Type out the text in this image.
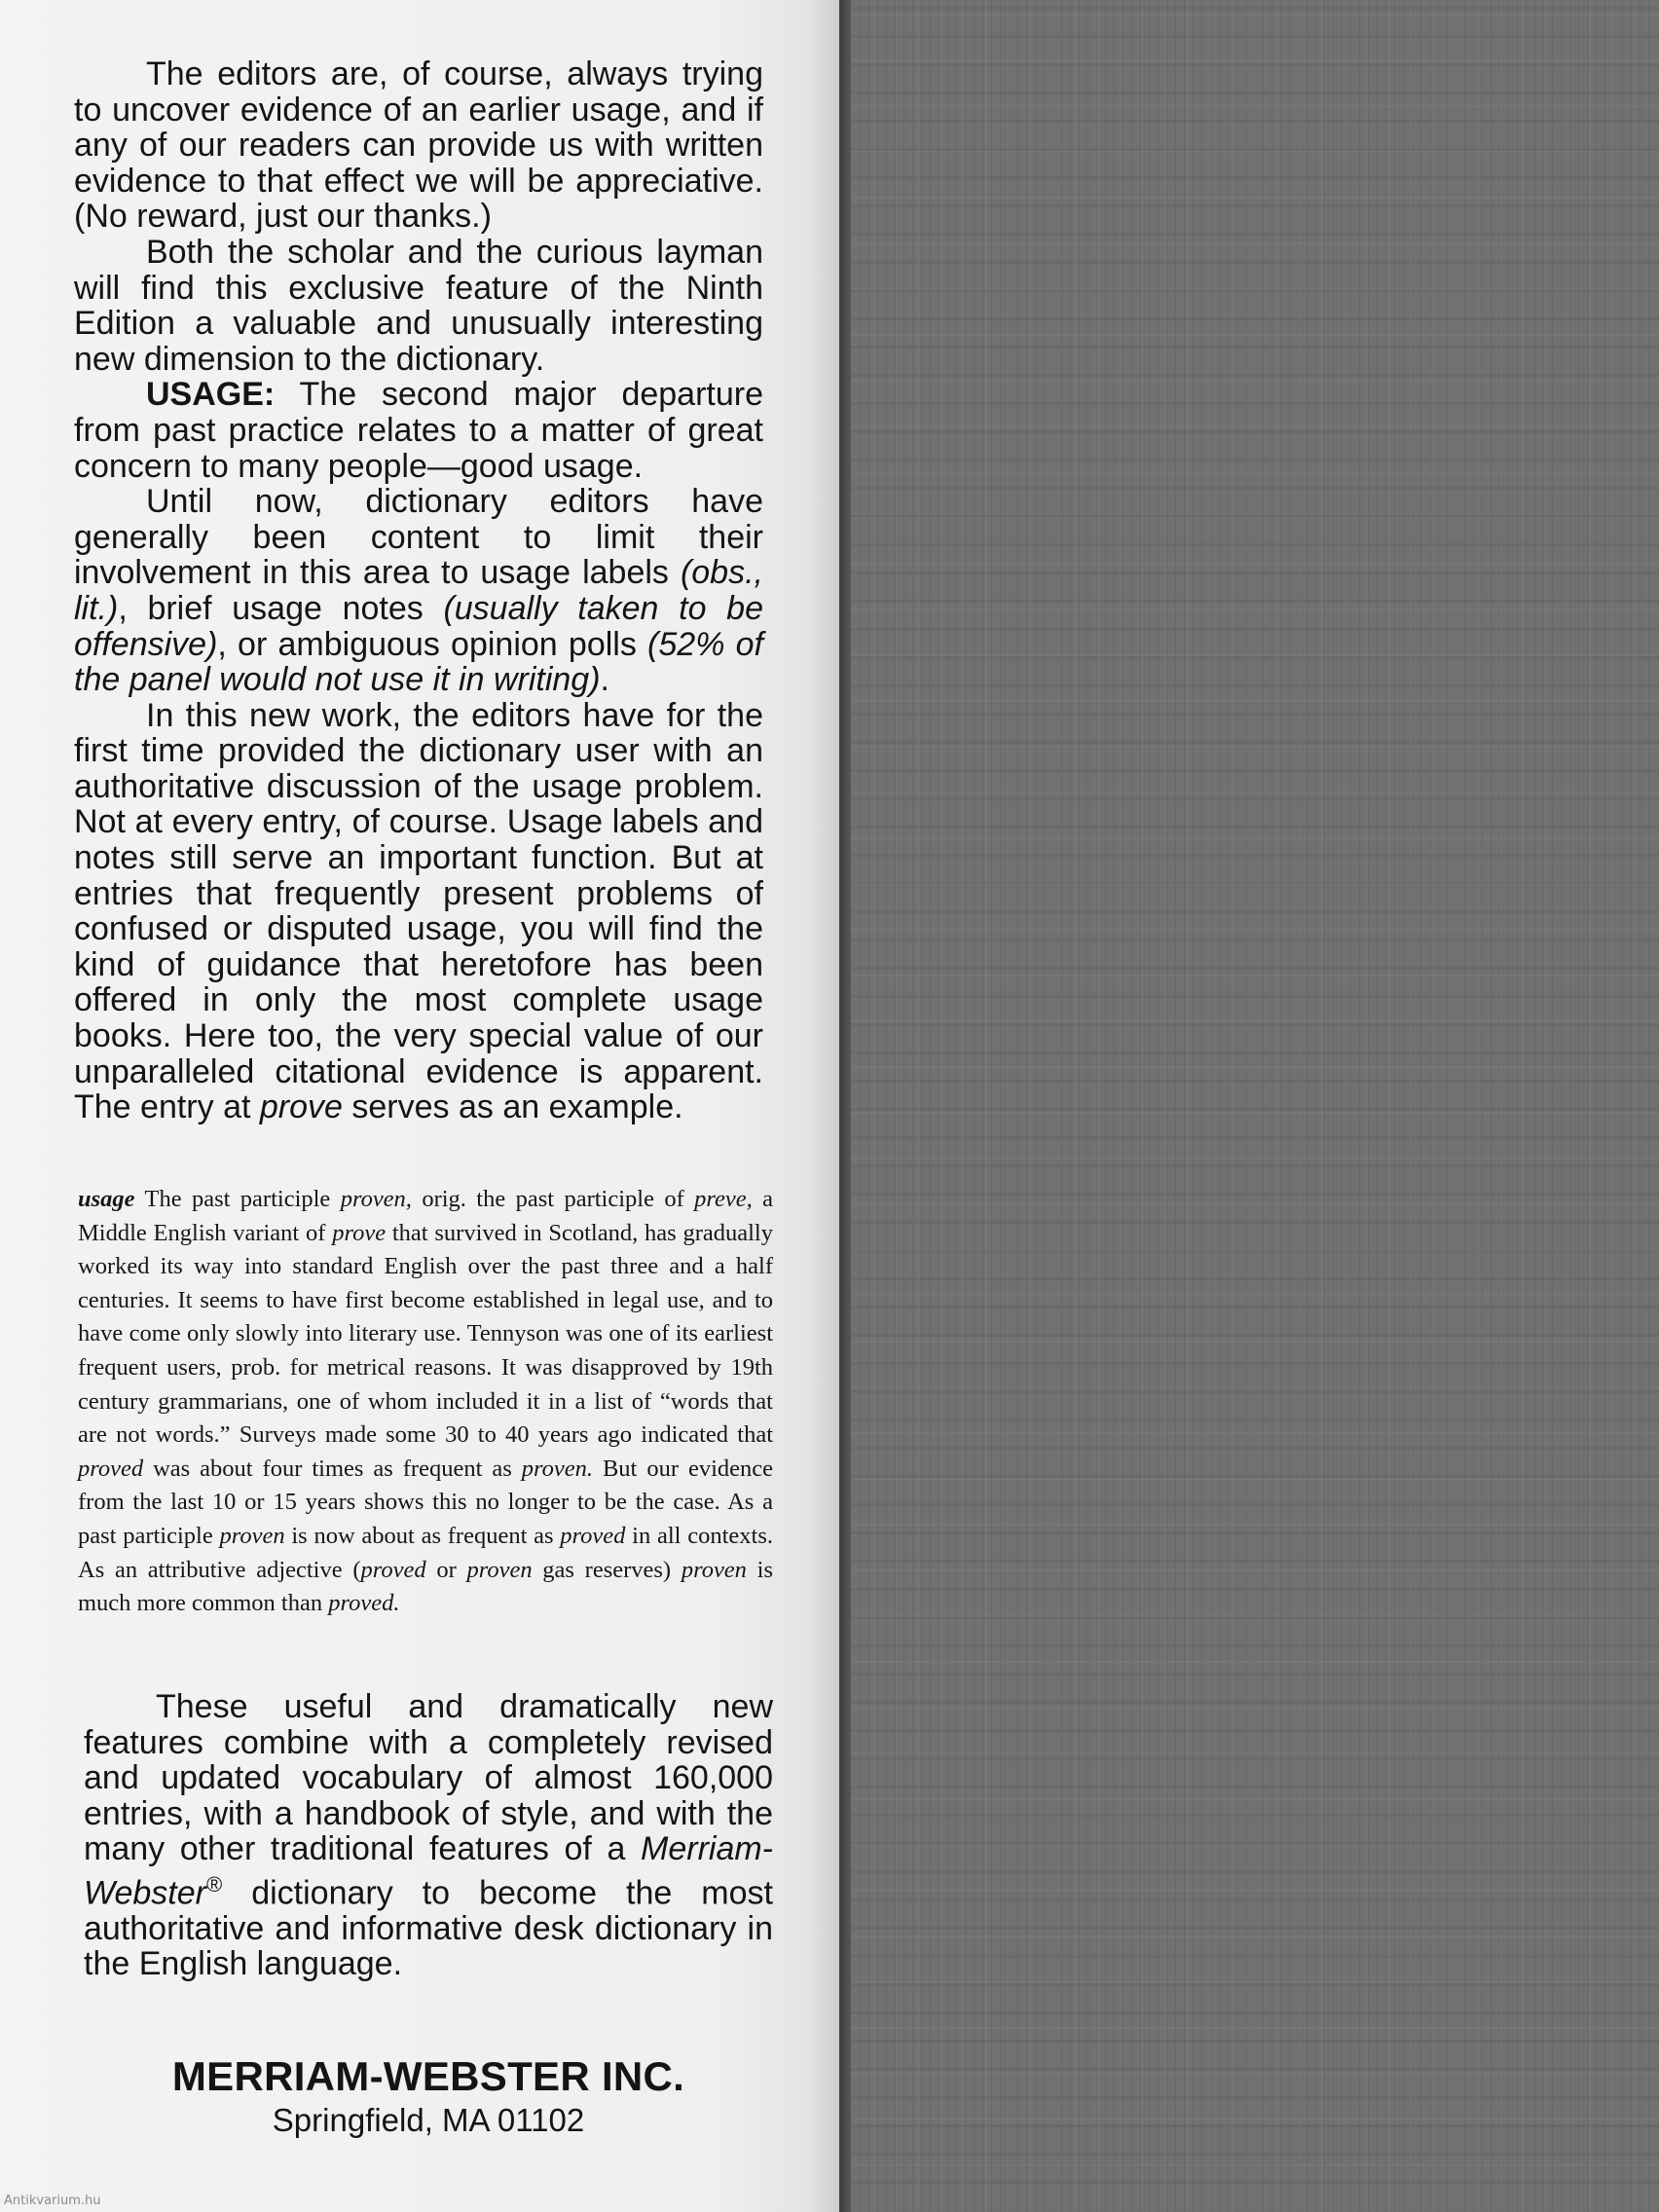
The editors are, of course, always trying to uncover evidence of an earlier usage, and if any of our readers can provide us with written evidence to that effect we will be appreciative. (No reward, just our thanks.)

Both the scholar and the curious layman will find this exclusive feature of the Ninth Edition a valuable and unusually interesting new dimension to the dictionary.

USAGE: The second major departure from past practice relates to a matter of great concern to many people—good usage.

Until now, dictionary editors have generally been content to limit their involvement in this area to usage labels (obs., lit.), brief usage notes (usually taken to be offensive), or ambiguous opinion polls (52% of the panel would not use it in writing).

In this new work, the editors have for the first time provided the dictionary user with an authoritative discussion of the usage problem. Not at every entry, of course. Usage labels and notes still serve an important function. But at entries that frequently present problems of confused or disputed usage, you will find the kind of guidance that heretofore has been offered in only the most complete usage books. Here too, the very special value of our unparalleled citational evidence is apparent. The entry at prove serves as an example.

usage The past participle proven, orig. the past participle of preve, a Middle English variant of prove that survived in Scotland, has gradually worked its way into standard English over the past three and a half centuries. It seems to have first become established in legal use, and to have come only slowly into literary use. Tennyson was one of its earliest frequent users, prob. for metrical reasons. It was disapproved by 19th century grammarians, one of whom included it in a list of “words that are not words.” Surveys made some 30 to 40 years ago indicated that proved was about four times as frequent as proven. But our evidence from the last 10 or 15 years shows this no longer to be the case. As a past participle proven is now about as frequent as proved in all contexts. As an attributive adjective (proved or proven gas reserves) proven is much more common than proved.

These useful and dramatically new features combine with a completely revised and updated vocabulary of almost 160,000 entries, with a handbook of style, and with the many other traditional features of a Merriam-Webster® dictionary to become the most authoritative and informative desk dictionary in the English language.

MERRIAM-WEBSTER INC.
Springfield, MA 01102
Antikvarium.hu
